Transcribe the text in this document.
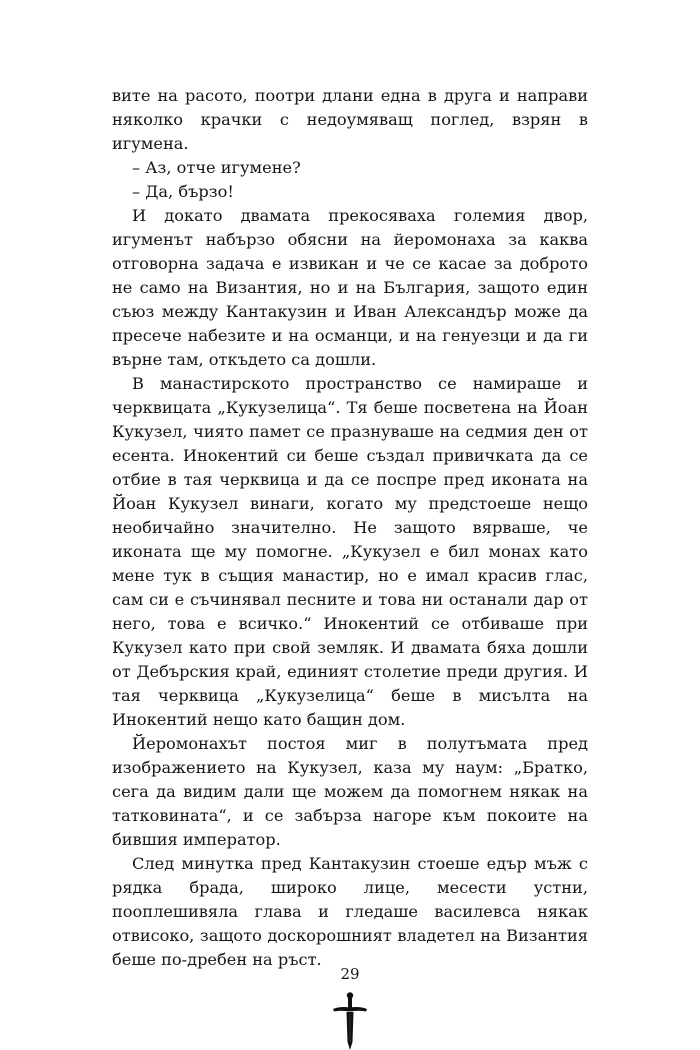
вите на расото, поотри длани една в друга и направи няколко крачки с недоумяващ поглед, взрян в игумена.

– Аз, отче игумене?

– Да, бързо!

И докато двамата прекосяваха големия двор, игуменът набързо обясни на йеромонаха за каква отговорна задача е извикан и че се касае за доброто не само на Византия, но и на България, защото един съюз между Кантакузин и Иван Александър може да пресече набезите и на османци, и на генуезци и да ги върне там, откъдето са дошли.

В манастирското пространство се намираше и черквицата „Кукузелица“. Тя беше посветена на Йоан Кукузел, чиято памет се празнуваше на седмия ден от есента. Инокентий си беше създал привичката да се отбие в тая черквица и да се поспре пред иконата на Йоан Кукузел винаги, когато му предстоеше нещо необичайно значително. Не защото вярваше, че иконата ще му помогне. „Кукузел е бил монах като мене тук в същия манастир, но е имал красив глас, сам си е съчинявал песните и това ни останали дар от него, това е всичко.“ Инокентий се отбиваше при Кукузел като при свой земляк. И двамата бяха дошли от Дебърския край, единият столетие преди другия. И тая черквица „Кукузелица“ беше в мисълта на Инокентий нещо като бащин дом.

Йеромонахът постоя миг в полутъмата пред изображението на Кукузел, каза му наум: „Братко, сега да видим дали ще можем да помогнем някак на татковината“, и се забърза нагоре към покоите на бившия император.

След минутка пред Кантакузин стоеше едър мъж с рядка брада, широко лице, месести устни, пооплешивяла глава и гледаше василевса някак отвисоко, защото доскорошният владетел на Византия беше по-дребен на ръст.

29
